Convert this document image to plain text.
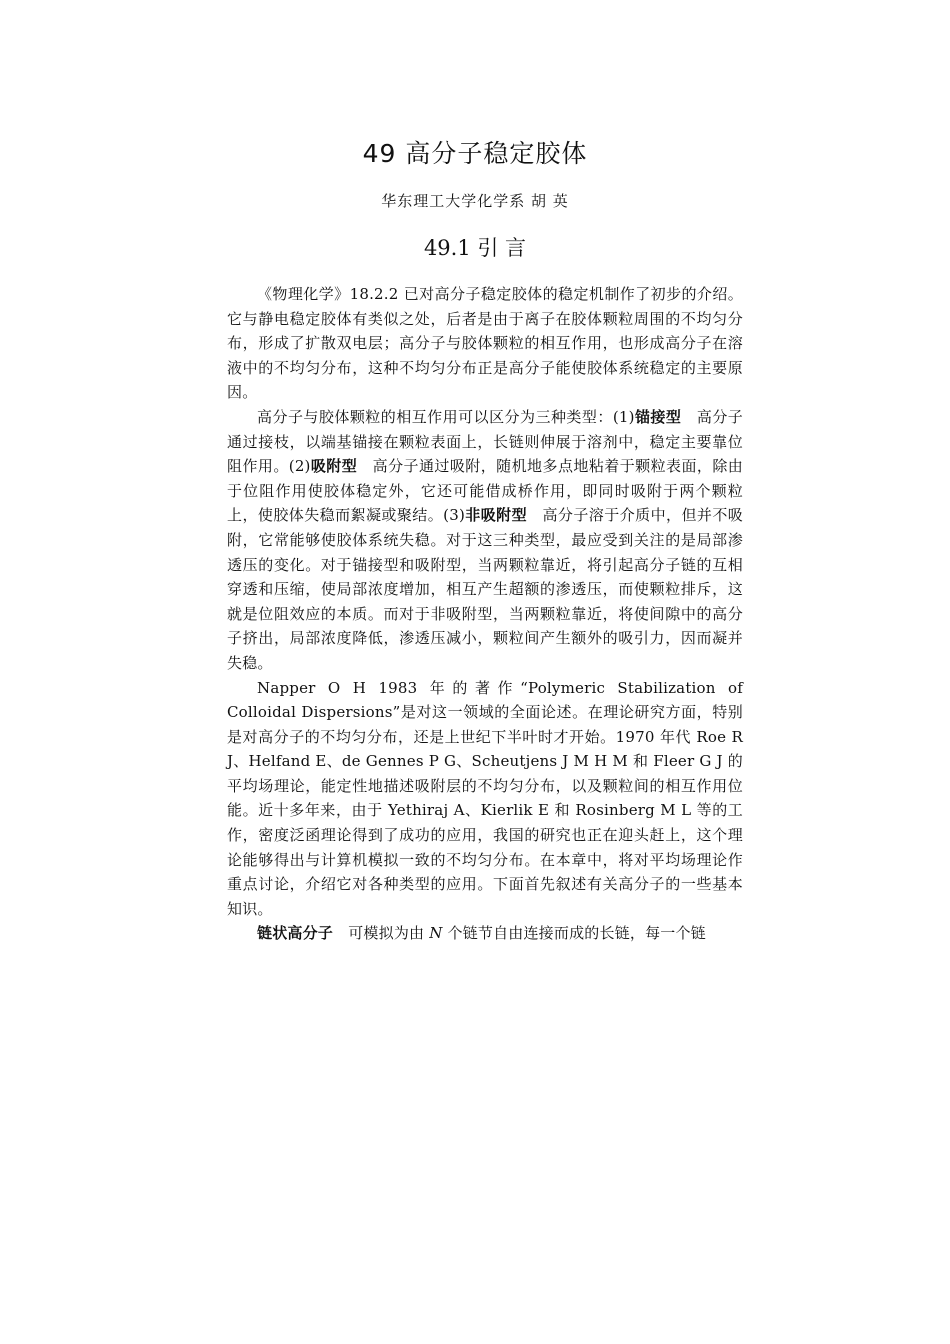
49 高分子稳定胶体
华东理工大学化学系 胡 英
49.1 引 言

《物理化学》18.2.2 已对高分子稳定胶体的稳定机制作了初步的介绍。它与静电稳定胶体有类似之处，后者是由于离子在胶体颗粒周围的不均匀分布，形成了扩散双电层；高分子与胶体颗粒的相互作用，也形成高分子在溶液中的不均匀分布，这种不均匀分布正是高分子能使胶体系统稳定的主要原因。

高分子与胶体颗粒的相互作用可以区分为三种类型：(1)锚接型　高分子通过接枝，以端基锚接在颗粒表面上，长链则伸展于溶剂中，稳定主要靠位阻作用。(2)吸附型　高分子通过吸附，随机地多点地粘着于颗粒表面，除由于位阻作用使胶体稳定外，它还可能借成桥作用，即同时吸附于两个颗粒上，使胶体失稳而絮凝或聚结。(3)非吸附型　高分子溶于介质中，但并不吸附，它常能够使胶体系统失稳。对于这三种类型，最应受到关注的是局部渗透压的变化。对于锚接型和吸附型，当两颗粒靠近，将引起高分子链的互相穿透和压缩，使局部浓度增加，相互产生超额的渗透压，而使颗粒排斥，这就是位阻效应的本质。而对于非吸附型，当两颗粒靠近，将使间隙中的高分子挤出，局部浓度降低，渗透压减小，颗粒间产生额外的吸引力，因而凝并失稳。

Napper O H 1983 年的著作“Polymeric Stabilization of Colloidal Dispersions”是对这一领域的全面论述。在理论研究方面，特别是对高分子的不均匀分布，还是上世纪下半叶时才开始。1970 年代 Roe R J、Helfand E、de Gennes P G、Scheutjens J M H M 和 Fleer G J 的平均场理论，能定性地描述吸附层的不均匀分布，以及颗粒间的相互作用位能。近十多年来，由于 Yethiraj A、Kierlik E 和 Rosinberg M L 等的工作，密度泛函理论得到了成功的应用，我国的研究也正在迎头赶上，这个理论能够得出与计算机模拟一致的不均匀分布。在本章中，将对平均场理论作重点讨论，介绍它对各种类型的应用。下面首先叙述有关高分子的一些基本知识。

链状高分子　可模拟为由 N 个链节自由连接而成的长链，每一个链
